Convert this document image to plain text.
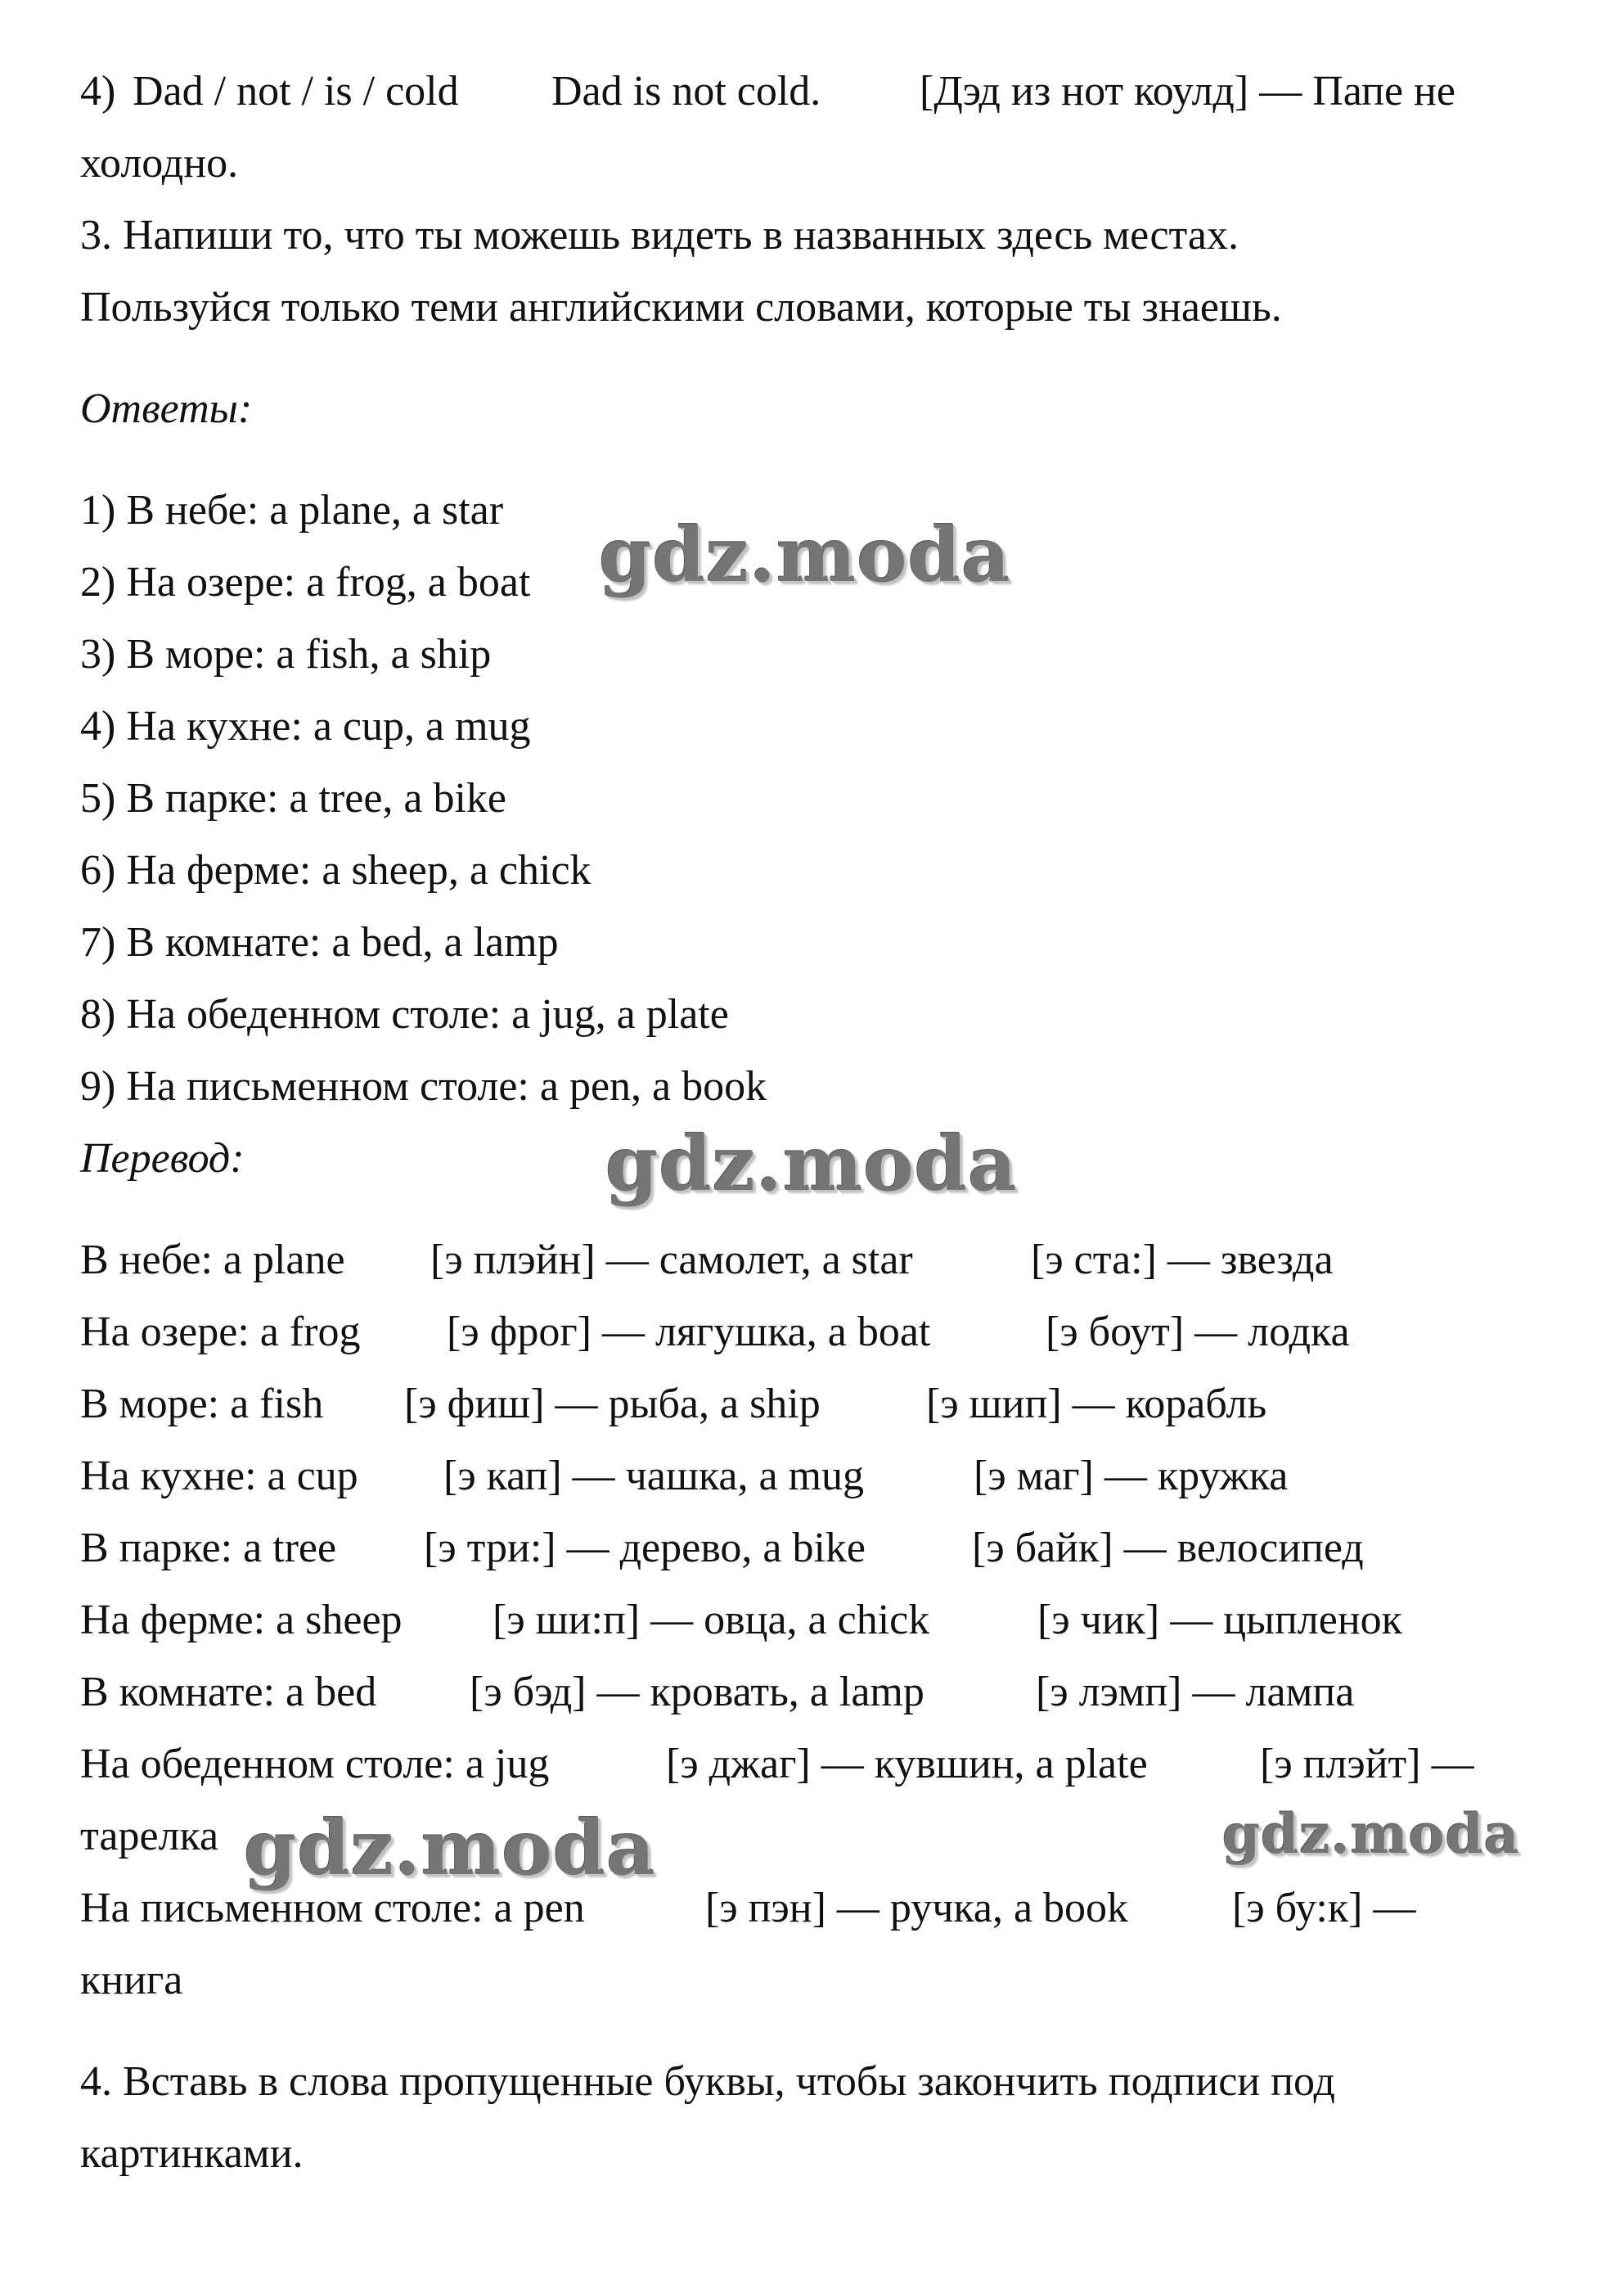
4) Dad / not / is / cold Dad is not cold. [Дэд из нот коулд] — Папе не

холодно.

3. Напиши то, что ты можешь видеть в названных здесь местах.

Пользуйся только теми английскими словами, которые ты знаешь.

Ответы:

1) В небе: a plane, a star

2) На озере: a frog, a boat

3) В море: a fish, a ship

4) На кухне: a cup, a mug

5) В парке: a tree, a bike

6) На ферме: a sheep, a chick

7) В комнате: a bed, a lamp

8) На обеденном столе: a jug, a plate

9) На письменном столе: a pen, a book

Перевод:

В небе: a plane [э плэйн] — самолет, a star	[э ста:] — звезда
На озере: a frog [э фрог] — лягушка, a boat	[э боут] — лодка
В море: a fish [э фиш] — рыба, a ship [э шип] — корабль
На кухне: a cup [э кап] — чашка, a mug	[э маг] — кружка
В парке: a tree [э три:] — дерево, a bike [э байк] — велосипед
На ферме: a sheep [э ши:п] — овца, a chick	[э чик] — цыпленок
В комнате: a bed [э бэд] — кровать, a lamp	[э лэмп] — лампа
На обеденном столе: a jug	[э джаг] — кувшин, a plate	[э плэйт] —

тарелка

На письменном столе: a pen	[э пэн] — ручка, a book [э бу:к] —

книга

4. Вставь в слова пропущенные буквы, чтобы закончить подписи под

картинками.

gdz.moda
gdz.moda
gdz.moda	gdz.moda
